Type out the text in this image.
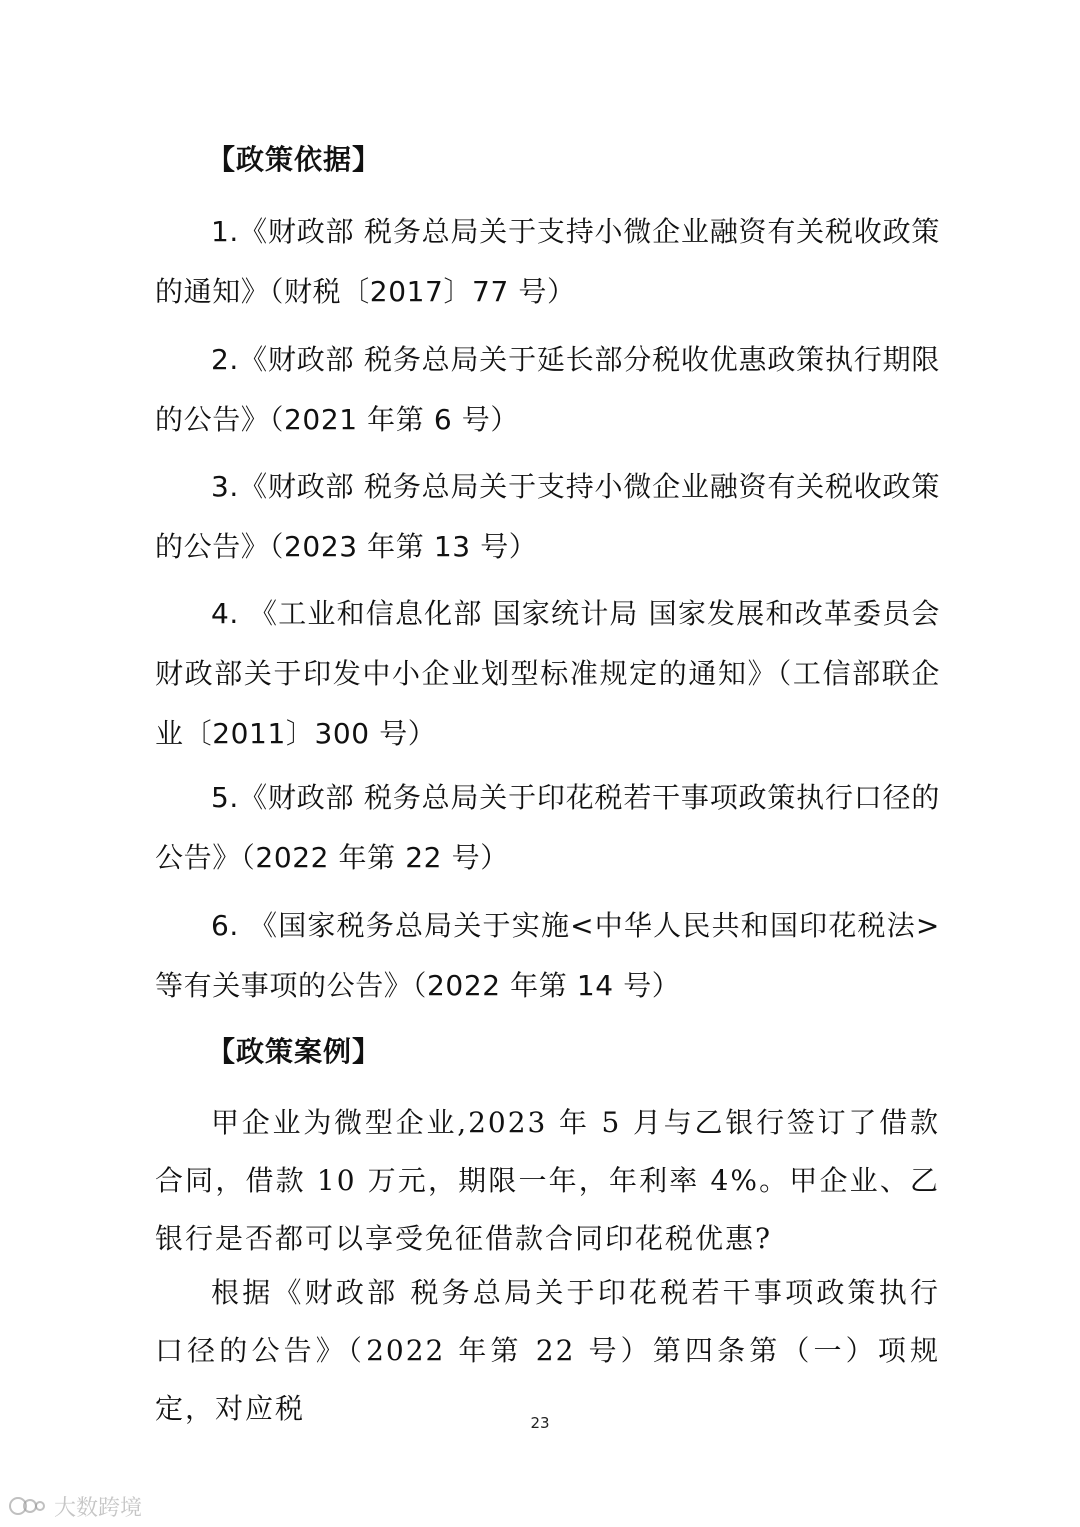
【政策依据】

1.《财政部 税务总局关于支持小微企业融资有关税收政策的通知》（财税〔2017〕77 号）

2.《财政部 税务总局关于延长部分税收优惠政策执行期限的公告》（2021 年第 6 号）

3.《财政部 税务总局关于支持小微企业融资有关税收政策的公告》（2023 年第 13 号）

4. 《工业和信息化部 国家统计局 国家发展和改革委员会 财政部关于印发中小企业划型标准规定的通知》（工信部联企业〔2011〕300 号）

5.《财政部 税务总局关于印花税若干事项政策执行口径的公告》（2022 年第 22 号）

6. 《国家税务总局关于实施<中华人民共和国印花税法>等有关事项的公告》（2022 年第 14 号）

【政策案例】

甲企业为微型企业,2023 年 5 月与乙银行签订了借款合同，借款 10 万元，期限一年，年利率 4%。甲企业、乙银行是否都可以享受免征借款合同印花税优惠?

根据《财政部 税务总局关于印花税若干事项政策执行口径的公告》（2022 年第 22 号）第四条第（一）项规定，对应税	23
大数跨境
